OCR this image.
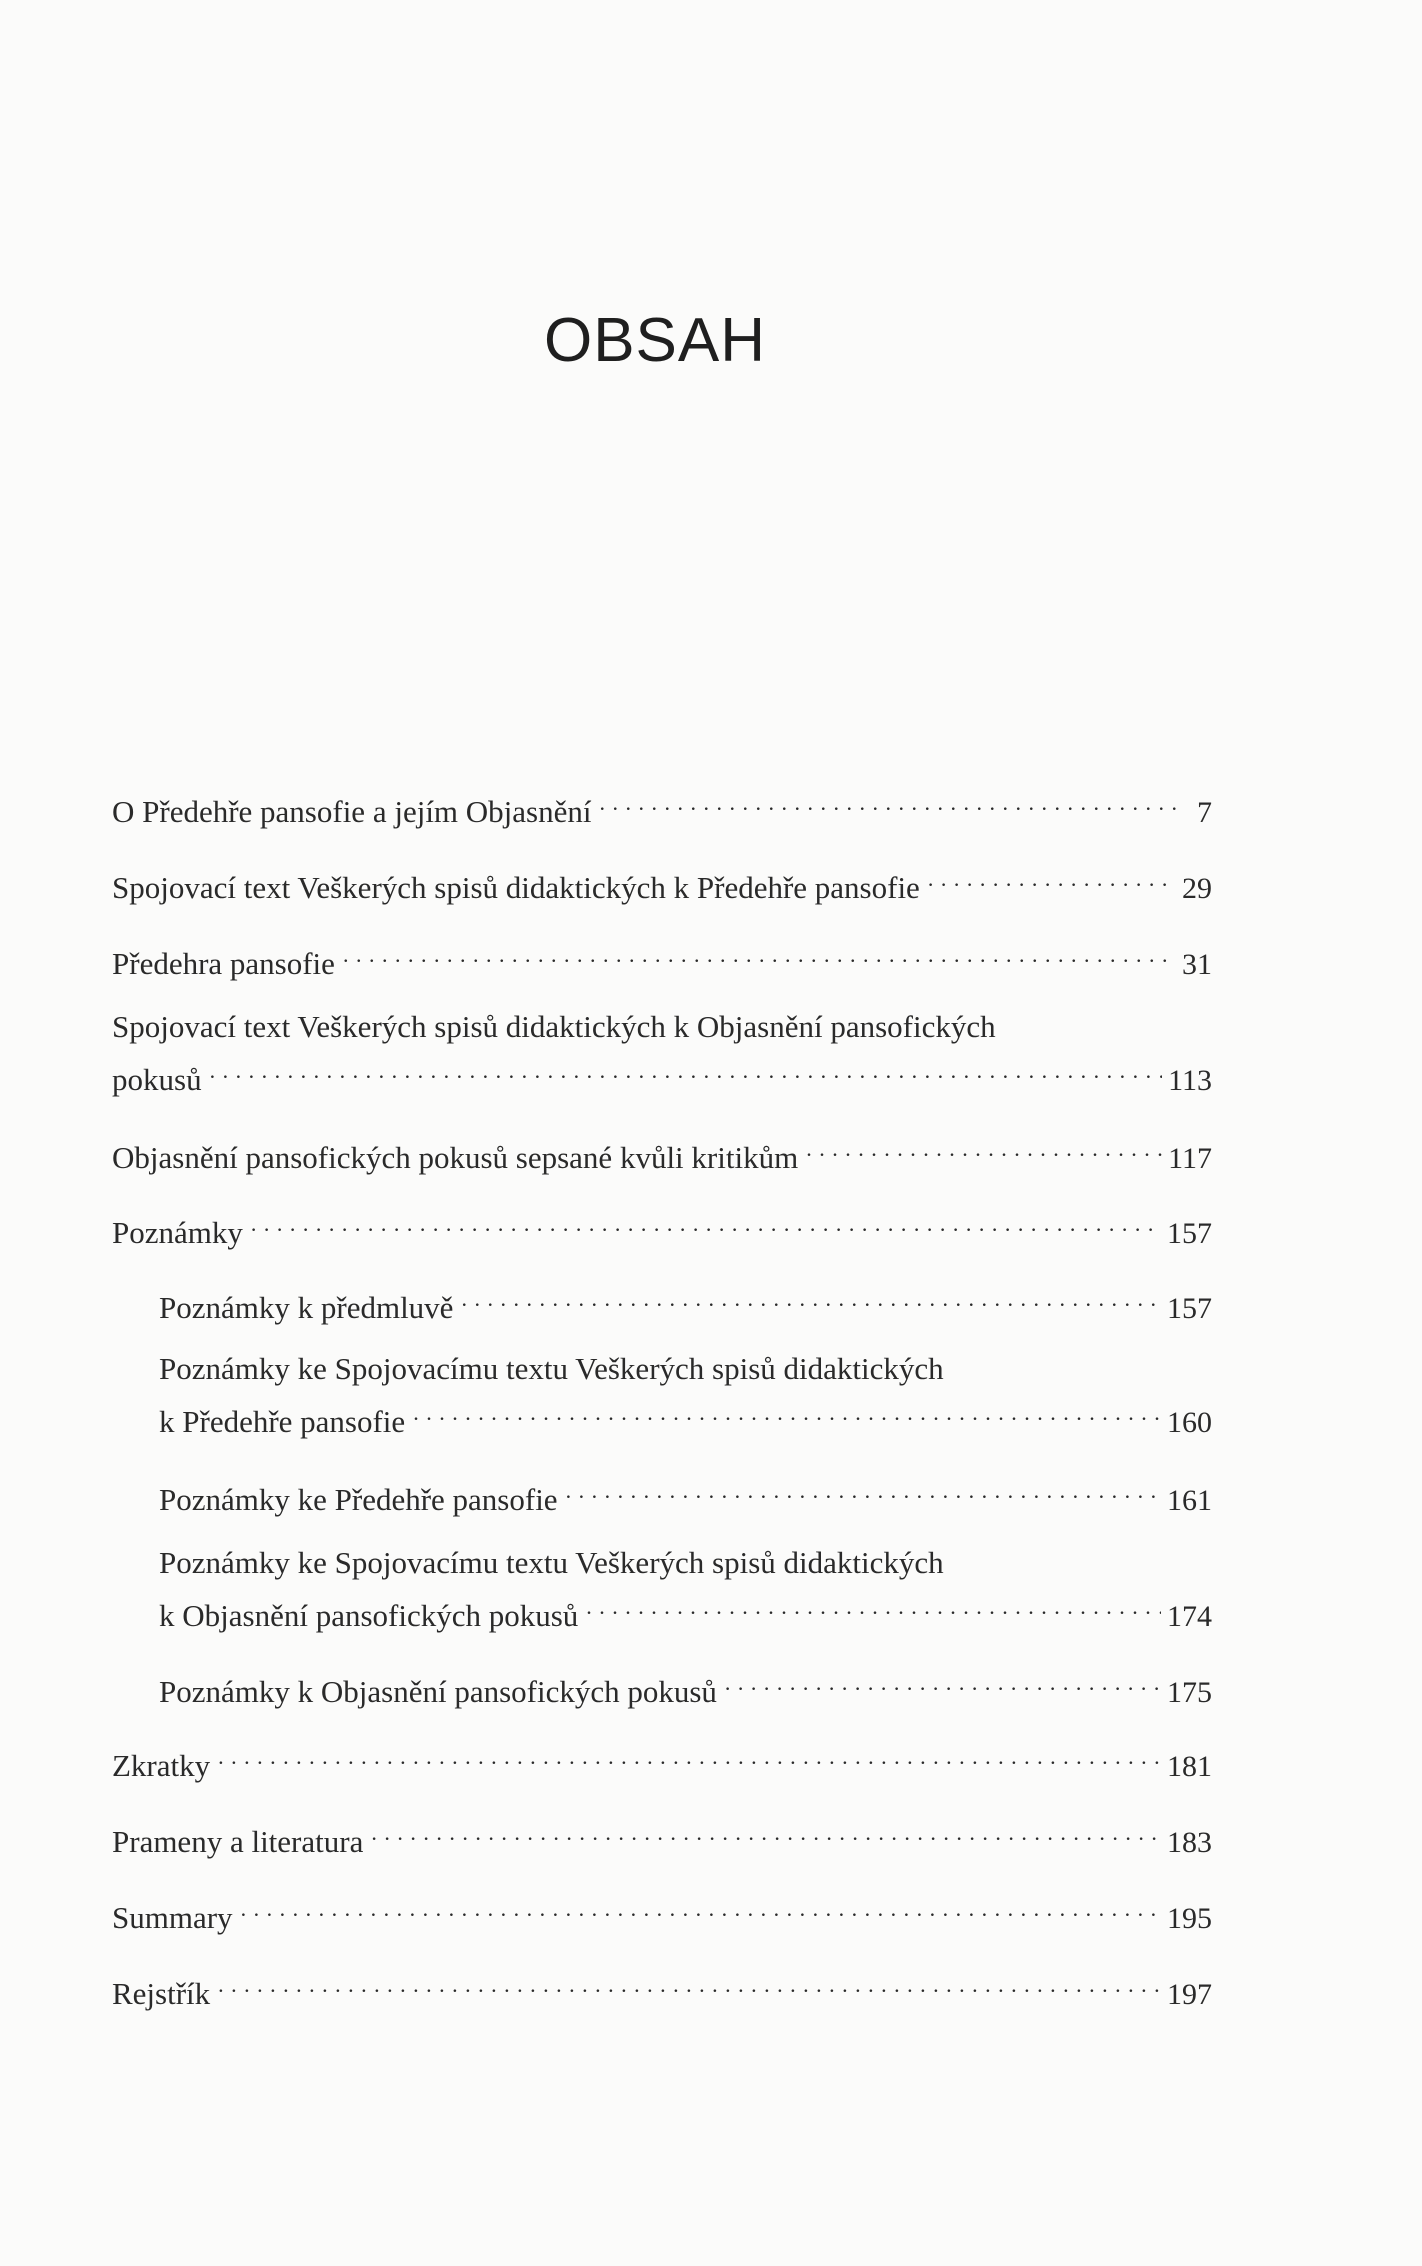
OBSAH
O Předehře pansofie a jejím Objasnění . . .	7
Spojovací text Veškerých spisů didaktických k Předehře pansofie . . .	29
Předehra pansofie . . .	31
Spojovací text Veškerých spisů didaktických k Objasnění pansofických
pokusů . . .	113
Objasnění pansofických pokusů sepsané kvůli kritikům . . .	117
Poznámky . . .	157
Poznámky k předmluvě . . .	157
Poznámky ke Spojovacímu textu Veškerých spisů didaktických
k Předehře pansofie . . .	160
Poznámky ke Předehře pansofie . . .	161
Poznámky ke Spojovacímu textu Veškerých spisů didaktických
k Objasnění pansofických pokusů . . .	174
Poznámky k Objasnění pansofických pokusů . . .	175
Zkratky . . .	181
Prameny a literatura . . .	183
Summary . . .	195
Rejstřík . . .	197
